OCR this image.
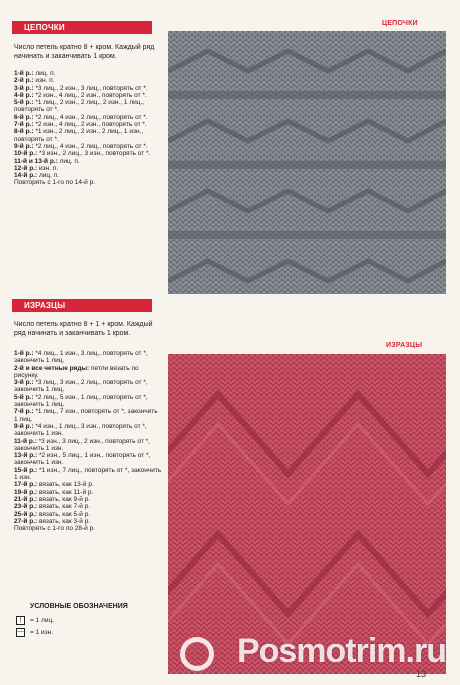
ЦЕПОЧКИ	ЦЕПОЧКИ
Число петель кратно 8 + кром. Каждый ряд начинать и заканчивать 1 кром.
1-й р.: лиц. п.
2-й р.: изн. п.
3-й р.: *3 лиц., 2 изн., 3 лиц., повторять от *.
4-й р.: *2 изн., 4 лиц., 2 изн., повторять от *.
5-й р.: *1 лиц., 2 изн., 2 лиц., 2 изн., 1 лиц., повторять от *.
6-й р.: *2 лиц., 4 изн., 2 лиц., повторять от *.
7-й р.: *2 изн., 4 лиц., 2 изн., повторять от *.
8-й р.: *1 изн., 2 лиц., 2 изн., 2 лиц., 1 изн., повторять от *.
9-й р.: *2 лиц., 4 изн., 2 лиц., повторять от *.
10-й р.: *3 изн., 2 лиц., 3 изн., повторять от *.
11-й и 13-й р.: лиц. п.
12-й р.: изн. п.
14-й р.: лиц. п.
Повторять с 1-го по 14-й р.
ИЗРАЗЦЫ
ИЗРАЗЦЫ
Число петель кратно 8 + 1 + кром. Каждый ряд начинать и заканчивать 1 кром.
1-й р.: *4 лиц., 1 изн., 3 лиц., повторять от *, закончить 1 лиц.
2-й и все четные ряды: петли вязать по рисунку.
3-й р.: *3 лиц., 3 изн., 2 лиц., повторять от *, закончить 1 лиц.
5-й р.: *2 лиц., 5 изн., 1 лиц., повторять от *, закончить 1 лиц.
7-й р.: *1 лиц., 7 изн., повторять от *, закончить 1 лиц.
9-й р.: *4 изн., 1 лиц., 3 изн., повторять от *, закончить 1 изн.
11-й р.: *3 изн., 3 лиц., 2 изн., повторять от *, закончить 1 изн.
13-й р.: *2 изн., 5 лиц., 1 изн., повторять от *, закончить 1 изн.
15-й р.: *1 изн., 7 лиц., повторять от *, закончить 1 изн.
17-й р.: вязать, как 13-й р.
19-й р.: вязать, как 11-й р.
21-й р.: вязать, как 9-й р.
23-й р.: вязать, как 7-й р.
25-й р.: вязать, как 5-й р.
27-й р.: вязать, как 3-й р.
Повторять с 1-го по 28-й р.
УСЛОВНЫЕ ОБОЗНАЧЕНИЯ
|	= 1 лиц.
— = 1 изн.	Posmotrim.ru
13
